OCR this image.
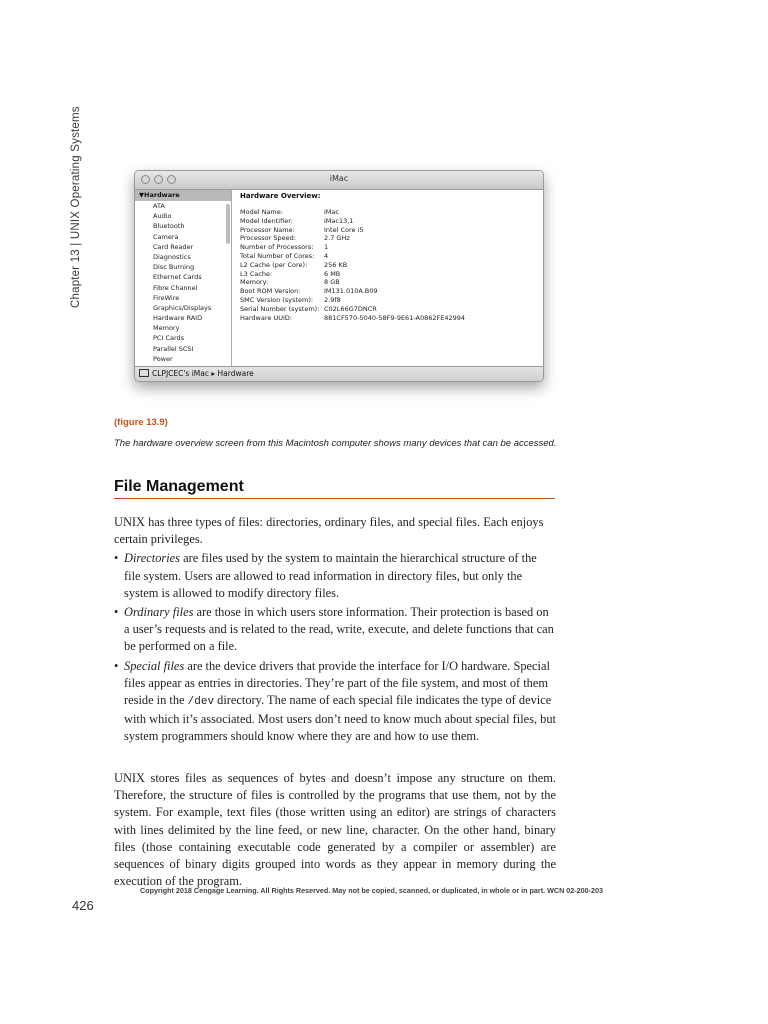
Chapter 13 | UNIX Operating Systems	iMac
▼Hardware
ATA
Audio
Bluetooth
Camera
Card Reader
Diagnostics
Disc Burning
Ethernet Cards
Fibre Channel
FireWire
Graphics/Displays
Hardware RAID
Memory
PCI Cards
Parallel SCSI
Power
Hardware Overview:
Model Name:	iMac
Model Identifier:	iMac13,1
Processor Name:	Intel Core i5
Processor Speed:	2.7 GHz
Number of Processors:	1
Total Number of Cores:	4
L2 Cache (per Core):	256 KB
L3 Cache:	6 MB
Memory:	8 GB
Boot ROM Version:	IM131.010A.B09
SMC Version (system):	2.9f8
Serial Number (system): C02L66G7DNCR
Hardware UUID:	881CF570-5040-58F9-9E61-A0862FE42994
CLPJCEC's iMac ▸ Hardware
(figure 13.9)
The hardware overview screen from this Macintosh computer shows many devices that can be accessed.
File Management

UNIX has three types of files: directories, ordinary files, and special files. Each enjoys certain privileges.

• Directories are files used by the system to maintain the hierarchical structure of the file system. Users are allowed to read information in directory files, but only the system is allowed to modify directory files.
• Ordinary files are those in which users store information. Their protection is based on a user’s requests and is related to the read, write, execute, and delete functions that can be performed on a file.
• Special files are the device drivers that provide the interface for I/O hardware. Special files appear as entries in directories. They’re part of the file system, and most of them reside in the /dev directory. The name of each special file indicates the type of device with which it’s associated. Most users don’t need to know much about special files, but system programmers should know where they are and how to use them.
UNIX stores files as sequences of bytes and doesn’t impose any structure on them. Therefore, the structure of files is controlled by the programs that use them, not by the system. For example, text files (those written using an editor) are strings of characters with lines delimited by the line feed, or new line, character. On the other hand, binary files (those containing executable code generated by a compiler or assembler) are sequences of binary digits grouped into words as they appear in memory during the execution of the program.
Copyright 2018 Cengage Learning. All Rights Reserved. May not be copied, scanned, or duplicated, in whole or in part. WCN 02-200-203
426
